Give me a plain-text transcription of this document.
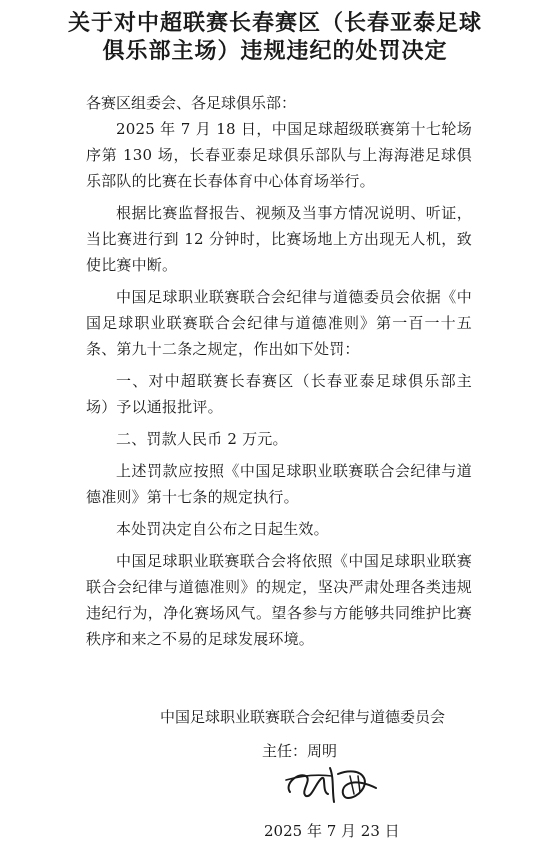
关于对中超联赛长春赛区（长春亚泰足球
俱乐部主场）违规违纪的处罚决定

各赛区组委会、各足球俱乐部：

2025 年 7 月 18 日，中国足球超级联赛第十七轮场序第 130 场，长春亚泰足球俱乐部队与上海海港足球俱乐部队的比赛在长春体育中心体育场举行。

根据比赛监督报告、视频及当事方情况说明、听证，当比赛进行到 12 分钟时，比赛场地上方出现无人机，致使比赛中断。

中国足球职业联赛联合会纪律与道德委员会依据《中国足球职业联赛联合会纪律与道德准则》第一百一十五条、第九十二条之规定，作出如下处罚：

一、对中超联赛长春赛区（长春亚泰足球俱乐部主场）予以通报批评。

二、罚款人民币 2 万元。

上述罚款应按照《中国足球职业联赛联合会纪律与道德准则》第十七条的规定执行。

本处罚决定自公布之日起生效。

中国足球职业联赛联合会将依照《中国足球职业联赛联合会纪律与道德准则》的规定，坚决严肃处理各类违规违纪行为，净化赛场风气。望各参与方能够共同维护比赛秩序和来之不易的足球发展环境。

中国足球职业联赛联合会纪律与道德委员会

主任：周明

2025 年 7 月 23 日
